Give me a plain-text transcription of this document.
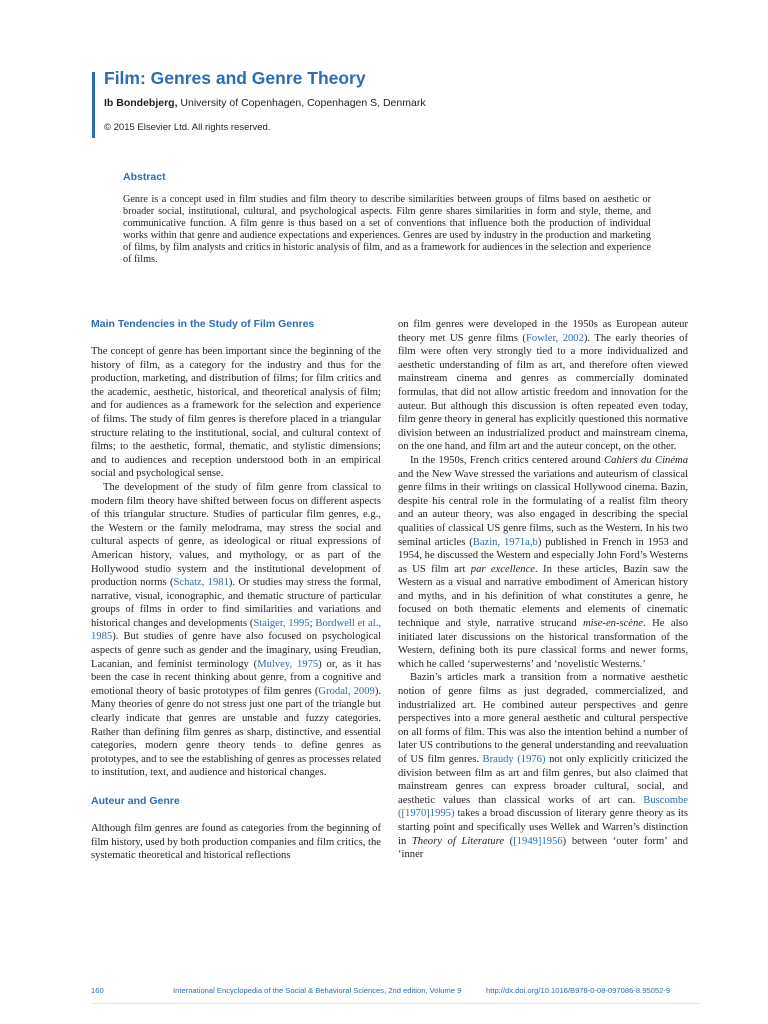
Film: Genres and Genre Theory
Ib Bondebjerg, University of Copenhagen, Copenhagen S, Denmark
© 2015 Elsevier Ltd. All rights reserved.
Abstract
Genre is a concept used in film studies and film theory to describe similarities between groups of films based on aesthetic or broader social, institutional, cultural, and psychological aspects. Film genre shares similarities in form and style, theme, and communicative function. A film genre is thus based on a set of conventions that influence both the production of individual works within that genre and audience expectations and experiences. Genres are used by industry in the production and marketing of films, by film analysts and critics in historic analysis of film, and as a framework for audiences in the selection and experience of films.
Main Tendencies in the Study of Film Genres

The concept of genre has been important since the beginning of the history of film, as a category for the industry and thus for the production, marketing, and distribution of films; for film critics and the academic, aesthetic, historical, and theoretical analysis of film; and for audiences as a framework for the selection and experience of films. The study of film genres is therefore placed in a triangular structure relating to the institutional, social, and cultural context of films; to the aesthetic, formal, thematic, and stylistic dimensions; and to audiences and reception understood both in an empirical social and psychological sense.

The development of the study of film genre from classical to modern film theory have shifted between focus on different aspects of this triangular structure. Studies of particular film genres, e.g., the Western or the family melodrama, may stress the social and cultural aspects of genre, as ideological or ritual expressions of American history, values, and mythology, or as part of the Hollywood studio system and the institutional development of production norms (Schatz, 1981). Or studies may stress the formal, narrative, visual, iconographic, and thematic structure of particular groups of films in order to find similarities and variations and historical changes and developments (Staiger, 1995; Bordwell et al., 1985). But studies of genre have also focused on psychological aspects of genre such as gender and the imaginary, using Freudian, Lacanian, and feminist terminology (Mulvey, 1975) or, as it has been the case in recent thinking about genre, from a cognitive and emotional theory of basic prototypes of film genres (Grodal, 2009). Many theories of genre do not stress just one part of the triangle but clearly indicate that genres are unstable and fuzzy categories. Rather than defining film genres as sharp, distinctive, and essential categories, modern genre theory tends to define genres as prototypes, and to see the establishing of genres as processes related to institution, text, and audience and historical changes.

Auteur and Genre

Although film genres are found as categories from the beginning of film history, used by both production companies and film critics, the systematic theoretical and historical reflections

on film genres were developed in the 1950s as European auteur theory met US genre films (Fowler, 2002). The early theories of film were often very strongly tied to a more individualized and aesthetic understanding of film as art, and therefore often viewed mainstream cinema and genres as commercially dominated formulas, that did not allow artistic freedom and innovation for the auteur. But although this discussion is often repeated even today, film genre theory in general has explicitly questioned this normative division between an industrialized product and mainstream cinema, on the one hand, and film art and the auteur concept, on the other.

In the 1950s, French critics centered around Cahiers du Cinéma and the New Wave stressed the variations and auteurism of classical genre films in their writings on classical Hollywood cinema. Bazin, despite his central role in the formulating of a realist film theory and an auteur theory, was also engaged in describing the special qualities of classical US genre films, such as the Western. In his two seminal articles (Bazin, 1971a,b) published in French in 1953 and 1954, he discussed the Western and especially John Ford’s Westerns as US film art par excellence. In these articles, Bazin saw the Western as a visual and narrative embodiment of American history and myths, and in his definition of what constitutes a genre, he focused on both thematic elements and elements of cinematic technique and style, narrative strucand mise-en-scène. He also initiated later discussions on the historical transformation of the Western, defining both its pure classical forms and newer forms, which he called ‘superwesterns’ and ‘novelistic Westerns.’

Bazin’s articles mark a transition from a normative aesthetic notion of genre films as just degraded, commercialized, and industrialized art. He combined auteur perspectives and genre perspectives into a more general aesthetic and cultural perspective on all forms of film. This was also the intention behind a number of later US contributions to the general understanding and reevaluation of US film genres. Braudy (1976) not only explicitly criticized the division between film as art and film genres, but also claimed that mainstream genres can express broader cultural, social, and aesthetic values than classical works of art can. Buscombe ([1970]1995) takes a broad discussion of literary genre theory as its starting point and specifically uses Wellek and Warren’s distinction in Theory of Literature ([1949]1956) between ‘outer form’ and ‘inner

160	International Encyclopedia of the Social & Behavioral Sciences, 2nd edition, Volume 9	http://dx.doi.org/10.1016/B978-0-08-097086-8.95052-9
